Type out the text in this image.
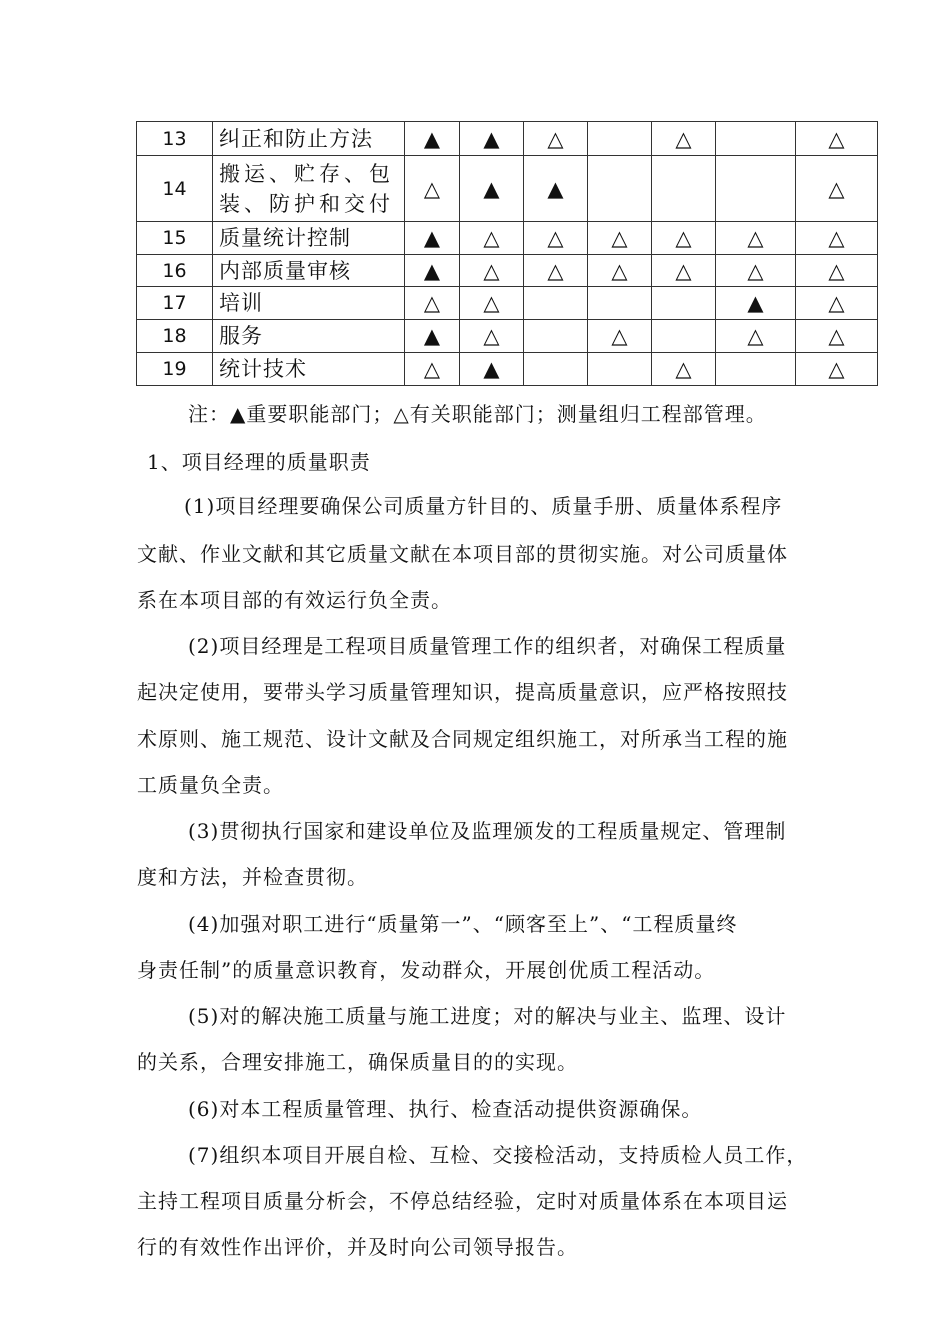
13	纠正和防止方法	▲	▲	△		△		△
14	搬运、贮存、包装、防护和交付	△	▲	▲				△
15	质量统计控制	▲	△	△	△	△	△	△
16	内部质量审核	▲	△	△	△	△	△	△
17	培训	△	△				▲	△
18	服务	▲	△		△		△	△
19	统计技术	△	▲			△		△
注：▲重要职能部门；△有关职能部门；测量组归工程部管理。
1、项目经理的质量职责
(1)项目经理要确保公司质量方针目的、质量手册、质量体系程序
文献、作业文献和其它质量文献在本项目部的贯彻实施。对公司质量体
系在本项目部的有效运行负全责。
(2)项目经理是工程项目质量管理工作的组织者，对确保工程质量
起决定使用，要带头学习质量管理知识，提高质量意识，应严格按照技
术原则、施工规范、设计文献及合同规定组织施工，对所承当工程的施
工质量负全责。
(3)贯彻执行国家和建设单位及监理颁发的工程质量规定、管理制
度和方法，并检查贯彻。
(4)加强对职工进行“质量第一”、“顾客至上”、“工程质量终
身责任制”的质量意识教育，发动群众，开展创优质工程活动。
(5)对的解决施工质量与施工进度；对的解决与业主、监理、设计
的关系，合理安排施工，确保质量目的的实现。
(6)对本工程质量管理、执行、检查活动提供资源确保。
(7)组织本项目开展自检、互检、交接检活动，支持质检人员工作，
主持工程项目质量分析会，不停总结经验，定时对质量体系在本项目运
行的有效性作出评价，并及时向公司领导报告。
